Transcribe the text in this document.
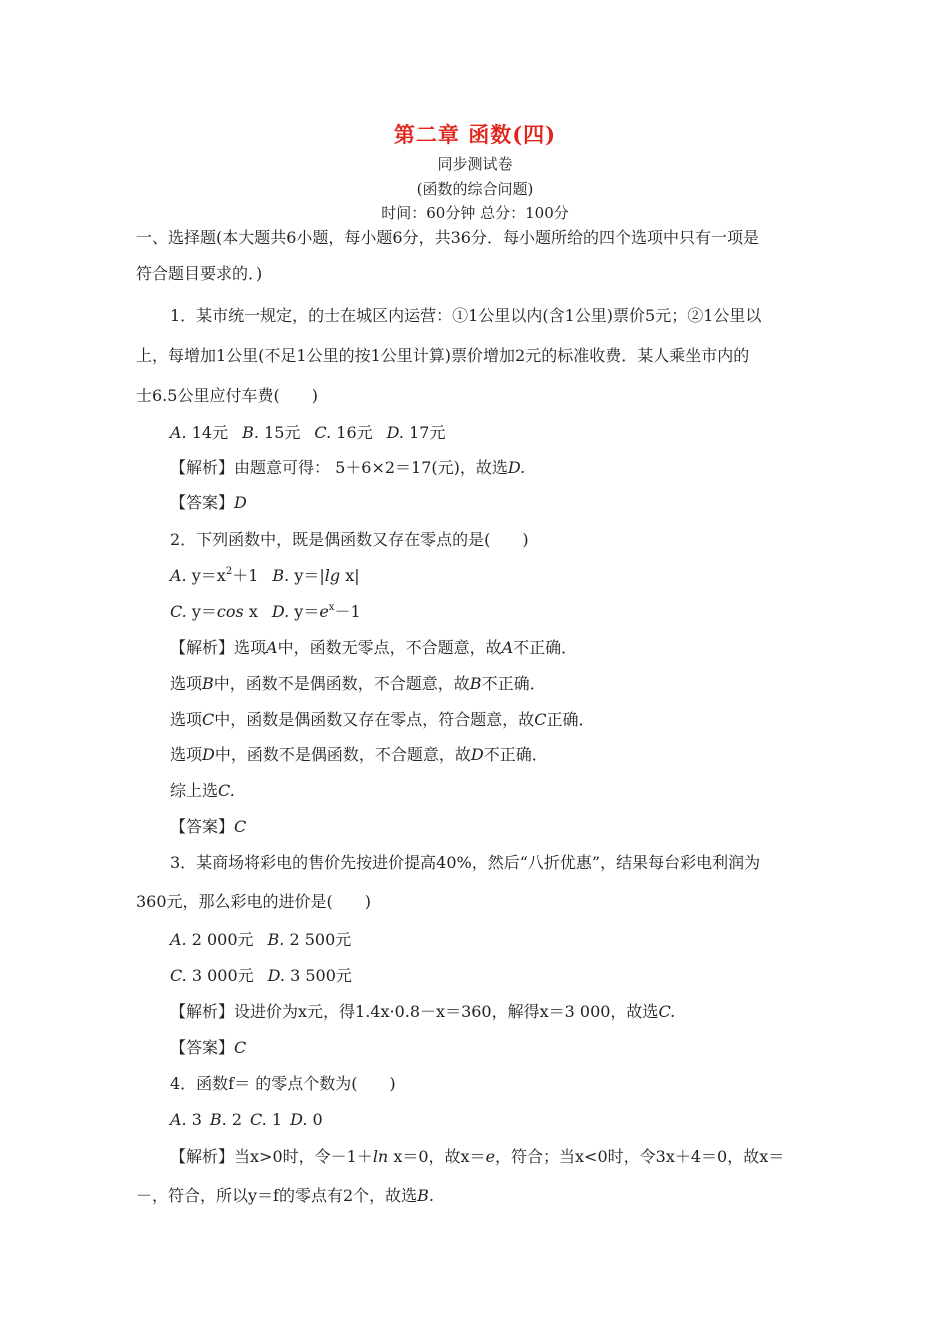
第二章 函数(四)
同步测试卷
(函数的综合问题)
时间：60分钟 总分：100分
一、选择题(本大题共6小题，每小题6分，共36分．每小题所给的四个选项中只有一项是
符合题目要求的．)
1．某市统一规定，的士在城区内运营：①1公里以内(含1公里)票价5元；②1公里以
上，每增加1公里(不足1公里的按1公里计算)票价增加2元的标准收费．某人乘坐市内的
士6.5公里应付车费(　　)
A. 14元 B. 15元 C. 16元 D. 17元
【解析】由题意可得： 5＋6×2＝17(元)，故选D.
【答案】D
2．下列函数中，既是偶函数又存在零点的是(　　)
A. $y=x^2+1$ B. y＝|lg x|
C. y＝cos x D. $y=e^x-1$
【解析】选项A中，函数无零点，不合题意，故A不正确．
选项B中，函数不是偶函数，不合题意，故B不正确．
选项C中，函数是偶函数又存在零点，符合题意，故C正确．
选项D中，函数不是偶函数，不合题意，故D不正确．
综上选C.
【答案】C
3．某商场将彩电的售价先按进价提高40%，然后“八折优惠”，结果每台彩电利润为
360元，那么彩电的进价是(　　)
A. 2 000元 B. 2 500元
C. 3 000元 D. 3 500元
【解析】设进价为x元，得1.4x·0.8－x＝360，解得x＝3 000，故选C.
【答案】C
4．函数f＝ 的零点个数为(　　)
A. 3 B. 2 C. 1 D. 0
【解析】当x>0时，令－1＋ln x＝0，故x＝e，符合；当x<0时，令3x＋4＝0，故x＝
－，符合，所以y＝f的零点有2个，故选B.
